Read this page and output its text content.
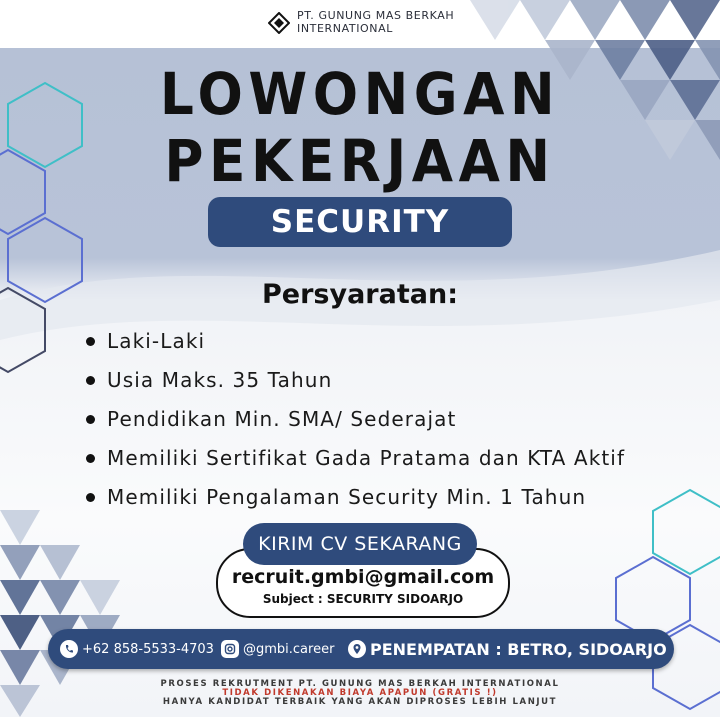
PT. GUNUNG MAS BERKAH
INTERNATIONAL
LOWONGAN
PEKERJAAN
SECURITY
Persyaratan:
Laki-Laki
Usia Maks. 35 Tahun
Pendidikan Min. SMA/ Sederajat
Memiliki Sertifikat Gada Pratama dan KTA Aktif
Memiliki Pengalaman Security Min. 1 Tahun
KIRIM CV SEKARANG
recruit.gmbi@gmail.com
Subject : SECURITY SIDOARJO
+62 858-5533-4703 @gmbi.career PENEMPATAN : BETRO, SIDOARJO
PROSES REKRUTMENT PT. GUNUNG MAS BERKAH INTERNATIONAL
TIDAK DIKENAKAN BIAYA APAPUN (GRATIS !)
HANYA KANDIDAT TERBAIK YANG AKAN DIPROSES LEBIH LANJUT
